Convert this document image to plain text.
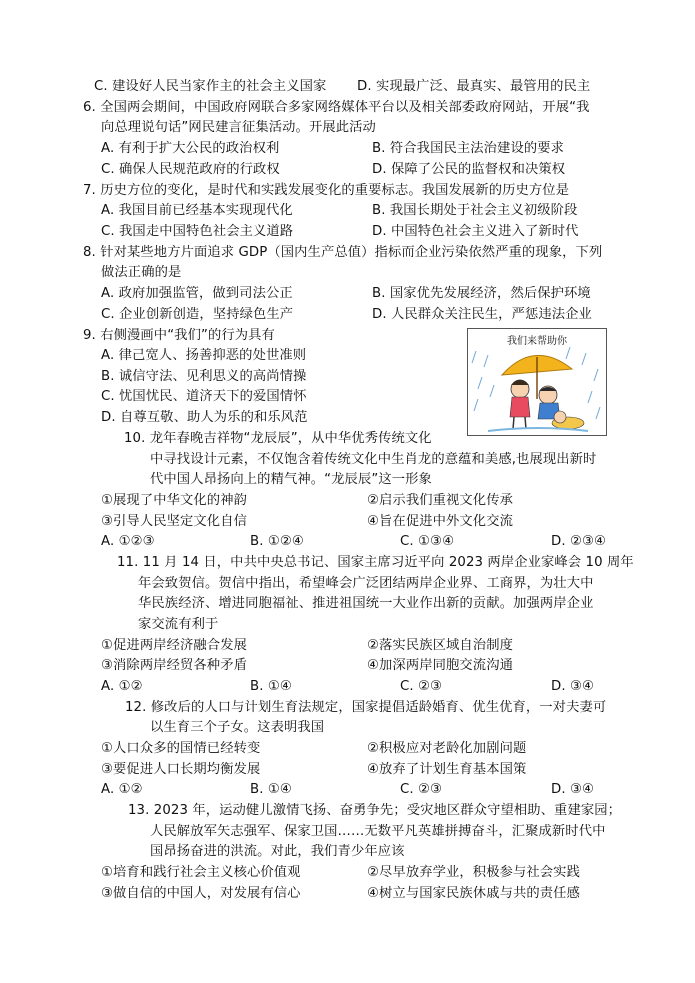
C. 建设好人民当家作主的社会主义国家 D. 实现最广泛、最真实、最管用的民主
6. 全国两会期间，中国政府网联合多家网络媒体平台以及相关部委政府网站，开展“我
向总理说句话”网民建言征集活动。开展此活动
A. 有利于扩大公民的政治权利	B. 符合我国民主法治建设的要求
C. 确保人民规范政府的行政权	D. 保障了公民的监督权和决策权
7. 历史方位的变化，是时代和实践发展变化的重要标志。我国发展新的历史方位是
A. 我国目前已经基本实现现代化	B. 我国长期处于社会主义初级阶段
C. 我国走中国特色社会主义道路	D. 中国特色社会主义进入了新时代
8. 针对某些地方片面追求 GDP（国内生产总值）指标而企业污染依然严重的现象，下列
做法正确的是
A. 政府加强监管，做到司法公正	B. 国家优先发展经济，然后保护环境
C. 企业创新创造，坚持绿色生产	D. 人民群众关注民生，严惩违法企业
9. 右侧漫画中“我们”的行为具有
A. 律己宽人、扬善抑恶的处世准则
B. 诚信守法、见利思义的高尚情操
C. 忧国忧民、道济天下的爱国情怀
D. 自尊互敬、助人为乐的和乐风范
我们来帮助你
10. 龙年春晚吉祥物“龙辰辰”，从中华优秀传统文化
中寻找设计元素，不仅饱含着传统文化中生肖龙的意蕴和美感,也展现出新时
代中国人昂扬向上的精气神。“龙辰辰”这一形象
①展现了中华文化的神韵	②启示我们重视文化传承
③引导人民坚定文化自信	④旨在促进中外文化交流
A. ①②③	B. ①②④	C. ①③④	D. ②③④
11. 11 月 14 日，中共中央总书记、国家主席习近平向 2023 两岸企业家峰会 10 周年
年会致贺信。贺信中指出，希望峰会广泛团结两岸企业界、工商界，为壮大中
华民族经济、增进同胞福祉、推进祖国统一大业作出新的贡献。加强两岸企业
家交流有利于
①促进两岸经济融合发展	②落实民族区域自治制度
③消除两岸经贸各种矛盾	④加深两岸同胞交流沟通
A. ①②	B. ①④	C. ②③	D. ③④
12. 修改后的人口与计划生育法规定，国家提倡适龄婚育、优生优育，一对夫妻可
以生育三个子女。这表明我国
①人口众多的国情已经转变	②积极应对老龄化加剧问题
③要促进人口长期均衡发展	④放弃了计划生育基本国策
A. ①②	B. ①④	C. ②③	D. ③④
13. 2023 年，运动健儿激情飞扬、奋勇争先；受灾地区群众守望相助、重建家园；
人民解放军矢志强军、保家卫国……无数平凡英雄拼搏奋斗，汇聚成新时代中
国昂扬奋进的洪流。对此，我们青少年应该
①培育和践行社会主义核心价值观	②尽早放弃学业，积极参与社会实践
③做自信的中国人，对发展有信心	④树立与国家民族休戚与共的责任感
